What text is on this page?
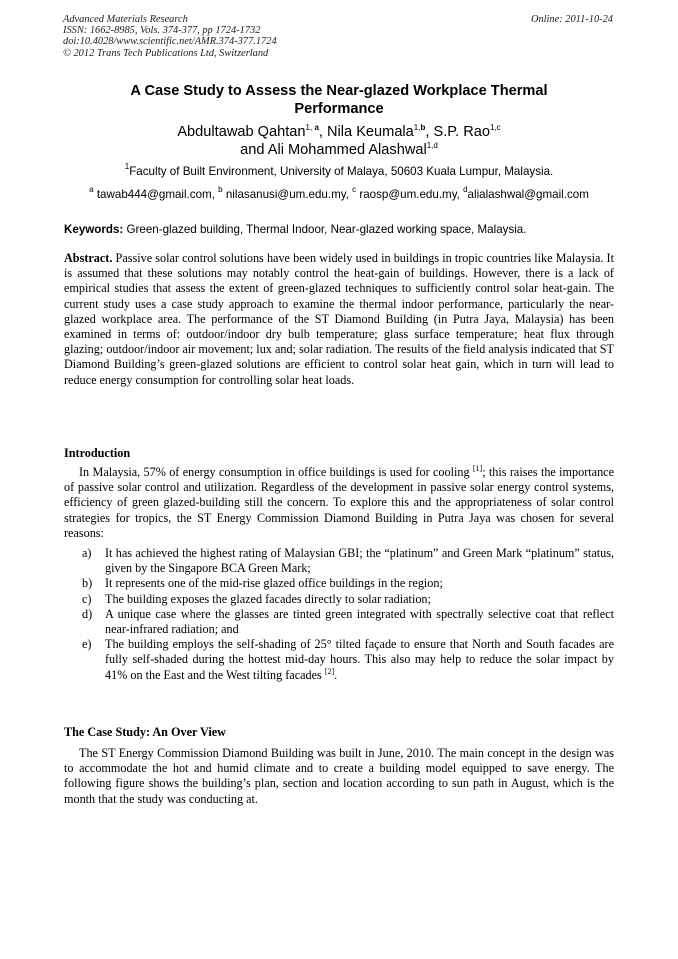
Advanced Materials Research
ISSN: 1662-8985, Vols. 374-377, pp 1724-1732
doi:10.4028/www.scientific.net/AMR.374-377.1724
© 2012 Trans Tech Publications Ltd, Switzerland
Online: 2011-10-24
A Case Study to Assess the Near-glazed Workplace Thermal
Performance
Abdultawab Qahtan$^{1,}$ $^a$, Nila Keumala$^{1,b}$, S.P. Rao$^{1,c}$
and Ali Mohammed Alashwal$^{1,d}$
$^1$Faculty of Built Environment, University of Malaya, 50603 Kuala Lumpur, Malaysia.
$^a$ tawab444@gmail.com, $^b$ nilasanusi@um.edu.my, $^c$ raosp@um.edu.my, $^d$alialashwal@gmail.com
Keywords: Green-glazed building, Thermal Indoor, Near-glazed working space, Malaysia.
Abstract. Passive solar control solutions have been widely used in buildings in tropic countries like Malaysia. It is assumed that these solutions may notably control the heat-gain of buildings. However, there is a lack of empirical studies that assess the extent of green-glazed techniques to sufficiently control solar heat-gain. The current study uses a case study approach to examine the thermal indoor performance, particularly the near-glazed workplace area. The performance of the ST Diamond Building (in Putra Jaya, Malaysia) has been examined in terms of: outdoor/indoor dry bulb temperature; glass surface temperature; heat flux through glazing; outdoor/indoor air movement; lux and; solar radiation. The results of the field analysis indicated that ST Diamond Building’s green-glazed solutions are efficient to control solar heat gain, which in turn will lead to reduce energy consumption for controlling solar heat loads.
Introduction
In Malaysia, 57% of energy consumption in office buildings is used for cooling [1]; this raises the importance of passive solar control and utilization. Regardless of the development in passive solar energy control systems, efficiency of green glazed-building still the concern. To explore this and the appropriateness of solar control strategies for tropics, the ST Energy Commission Diamond Building in Putra Jaya was chosen for several reasons:
a) It has achieved the highest rating of Malaysian GBI; the “platinum” and Green Mark “platinum” status, given by the Singapore BCA Green Mark;
b) It represents one of the mid-rise glazed office buildings in the region;
c) The building exposes the glazed facades directly to solar radiation;
d) A unique case where the glasses are tinted green integrated with spectrally selective coat that reflect near-infrared radiation; and
e) The building employs the self-shading of 25° tilted façade to ensure that North and South facades are fully self-shaded during the hottest mid-day hours. This also may help to reduce the solar impact by 41% on the East and the West tilting facades [2].
The Case Study: An Over View
The ST Energy Commission Diamond Building was built in June, 2010. The main concept in the design was to accommodate the hot and humid climate and to create a building model equipped to save energy. The following figure shows the building’s plan, section and location according to sun path in August, which is the month that the study was conducting at.
